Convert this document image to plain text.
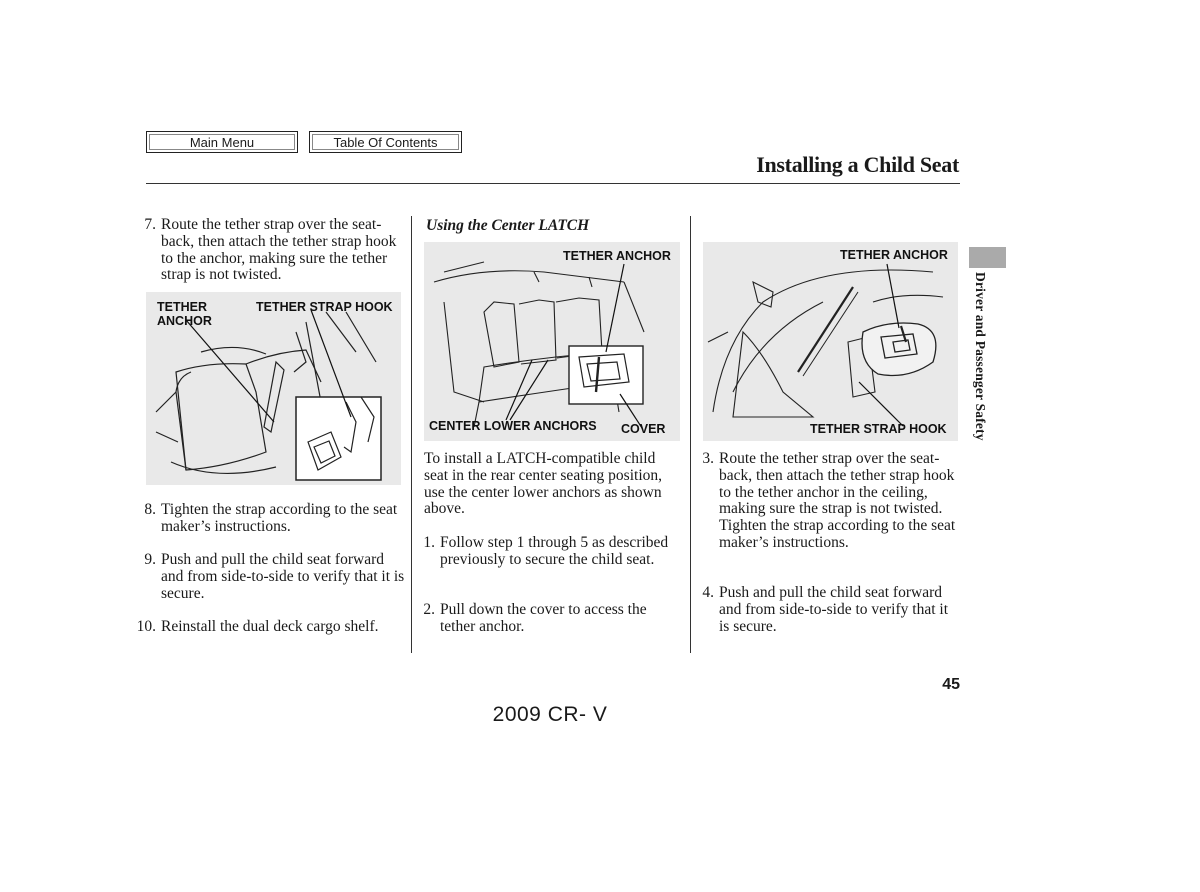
Main Menu	Table Of Contents
Installing a Child Seat
7. Route the tether strap over the seat-back, then attach the tether strap hook to the anchor, making sure the tether strap is not twisted.
TETHER ANCHOR
TETHER STRAP HOOK
8. Tighten the strap according to the seat maker’s instructions.
9. Push and pull the child seat forward and from side-to-side to verify that it is secure.
10. Reinstall the dual deck cargo shelf.
Using the Center LATCH
TETHER ANCHOR
CENTER LOWER ANCHORS COVER
To install a LATCH-compatible child seat in the rear center seating position, use the center lower anchors as shown above.
1. Follow step 1 through 5 as described previously to secure the child seat.
2. Pull down the cover to access the tether anchor.
TETHER ANCHOR
TETHER STRAP HOOK
3. Route the tether strap over the seat-back, then attach the tether strap hook to the tether anchor in the ceiling, making sure the strap is not twisted. Tighten the strap according to the seat maker’s instructions.
4. Push and pull the child seat forward and from side-to-side to verify that it is secure.
Driver and Passenger Safety
45
2009 CR- V
